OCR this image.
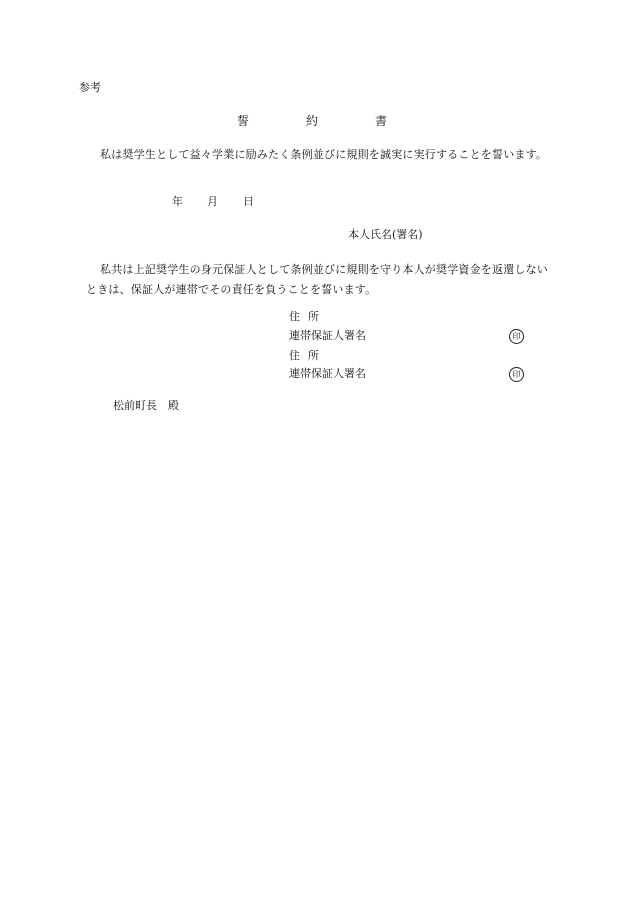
参考
誓	約	書
私は奨学生として益々学業に励みたく条例並びに規則を誠実に実行することを誓います。
年 月 日
本人氏名(署名)
私共は上記奨学生の身元保証人として条例並びに規則を守り本人が奨学資金を返還しないときは、保証人が連帯でその責任を負うことを誓います。
住所
連帯保証人署名	印
住所
連帯保証人署名	印
松前町長　殿
